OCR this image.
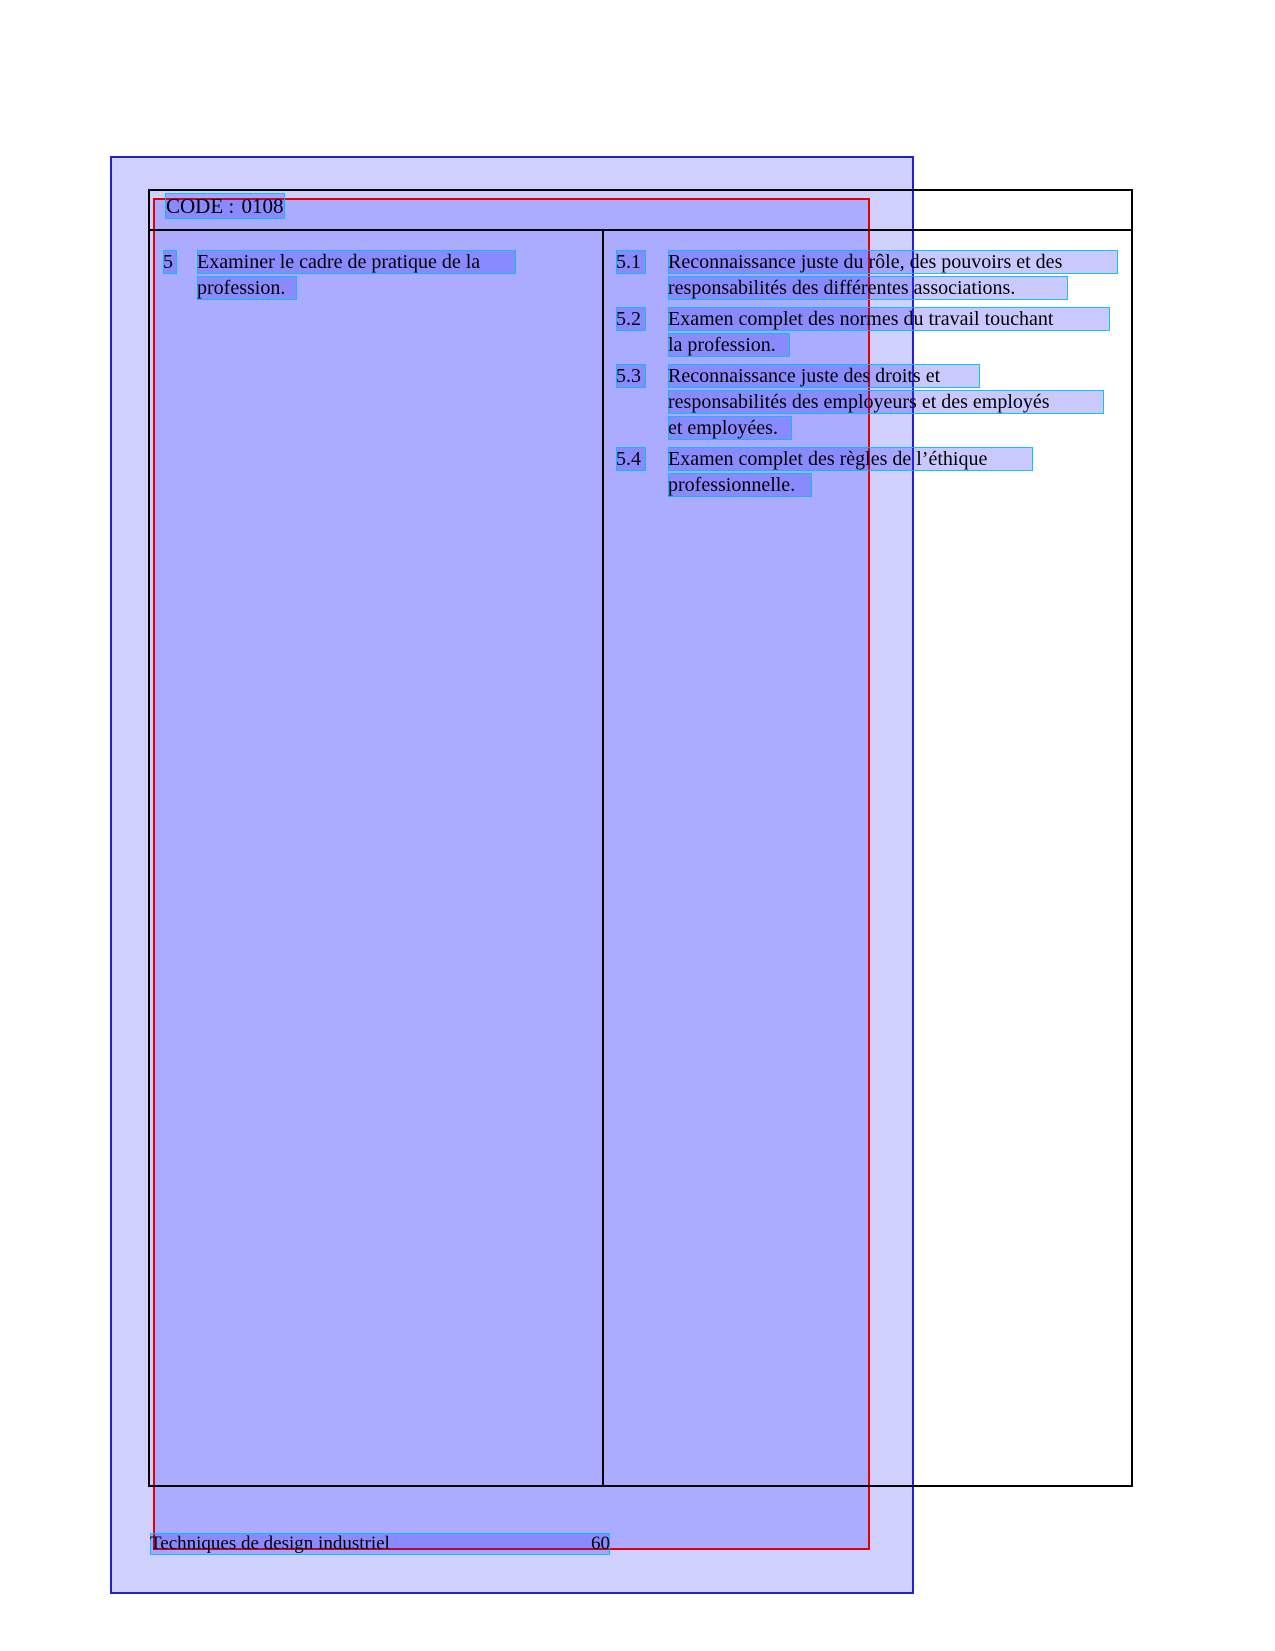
CODE : 0108
5 Examiner le cadre de pratique de la
profession.
5.1 Reconnaissance juste du rôle, des pouvoirs et des
responsabilités des différentes associations.
5.2 Examen complet des normes du travail touchant
la profession.
5.3 Reconnaissance juste des droits et
responsabilités des employeurs et des employés
et employées.
5.4 Examen complet des règles de l’éthique
professionnelle.
Techniques de design industriel	60
